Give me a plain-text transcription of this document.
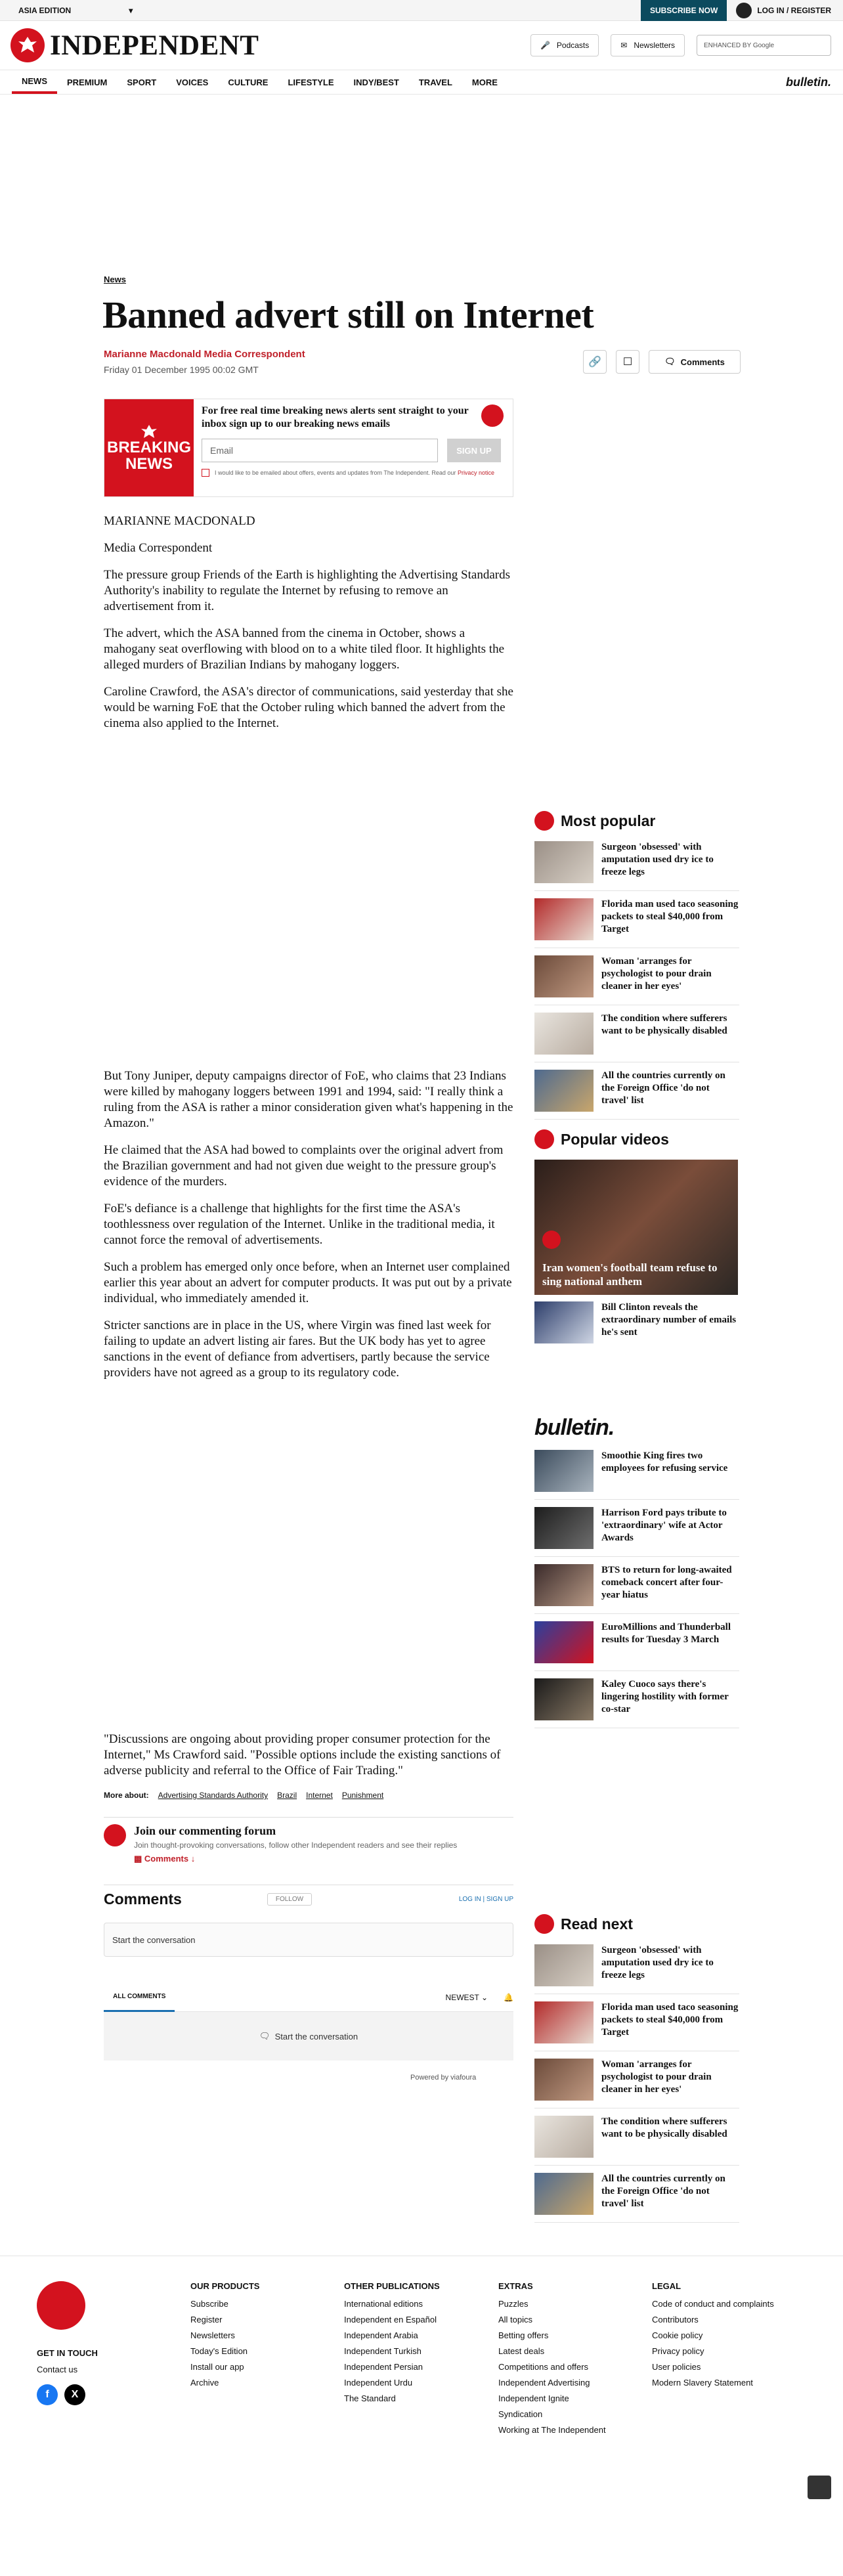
ASIA EDITION	▾	SUBSCRIBE NOW	LOG IN / REGISTER
INDEPENDENT	🎤 Podcasts	✉ Newsletters	ENHANCED BY Google
NEWS	PREMIUM	SPORT	VOICES	CULTURE	LIFESTYLE	INDY/BEST	TRAVEL	MORE	bulletin.
News
Banned advert still on Internet
Marianne Macdonald Media Correspondent
Friday 01 December 1995 00:02 GMT
🔗 ☐	🗨 Comments
BREAKING
NEWS
For free real time breaking news alerts sent straight to your inbox sign up to our breaking news emails
Email	SIGN UP
I would like to be emailed about offers, events and updates from The Independent. Read our Privacy notice

MARIANNE MACDONALD

Media Correspondent

The pressure group Friends of the Earth is highlighting the Advertising Standards Authority's inability to regulate the Internet by refusing to remove an advertisement from it.

The advert, which the ASA banned from the cinema in October, shows a mahogany seat overflowing with blood on to a white tiled floor. It highlights the alleged murders of Brazilian Indians by mahogany loggers.

Caroline Crawford, the ASA's director of communications, said yesterday that she would be warning FoE that the October ruling which banned the advert from the cinema also applied to the Internet.

But Tony Juniper, deputy campaigns director of FoE, who claims that 23 Indians were killed by mahogany loggers between 1991 and 1994, said: "I really think a ruling from the ASA is rather a minor consideration given what's happening in the Amazon."

He claimed that the ASA had bowed to complaints over the original advert from the Brazilian government and had not given due weight to the pressure group's evidence of the murders.

FoE's defiance is a challenge that highlights for the first time the ASA's toothlessness over regulation of the Internet. Unlike in the traditional media, it cannot force the removal of advertisements.

Such a problem has emerged only once before, when an Internet user complained earlier this year about an advert for computer products. It was put out by a private individual, who immediately amended it.

Stricter sanctions are in place in the US, where Virgin was fined last week for failing to update an advert listing air fares. But the UK body has yet to agree sanctions in the event of defiance from advertisers, partly because the service providers have not agreed as a group to its regulatory code.

"Discussions are ongoing about providing proper consumer protection for the Internet," Ms Crawford said. "Possible options include the existing sanctions of adverse publicity and referral to the Office of Fair Trading."

More about: Advertising Standards Authority Brazil Internet Punishment
Join our commenting forum
Join thought-provoking conversations, follow other Independent readers and see their replies
▩ Comments ↓
Comments	FOLLOW	LOG IN | SIGN UP
Start the conversation
ALL COMMENTS	NEWEST ⌄ 🔔
🗨 Start the conversation
Powered by viafoura
Most popular
Surgeon 'obsessed' with amputation used dry ice to freeze legs
Florida man used taco seasoning packets to steal $40,000 from Target
Woman 'arranges for psychologist to pour drain cleaner in her eyes'
The condition where sufferers want to be physically disabled
All the countries currently on the Foreign Office 'do not travel' list
Popular videos
Iran women's football team refuse to sing national anthem
Bill Clinton reveals the extraordinary number of emails he's sent
bulletin.
Smoothie King fires two employees for refusing service
Harrison Ford pays tribute to 'extraordinary' wife at Actor Awards
BTS to return for long-awaited comeback concert after four-year hiatus
EuroMillions and Thunderball results for Tuesday 3 March
Kaley Cuoco says there's lingering hostility with former co-star
Read next
Surgeon 'obsessed' with amputation used dry ice to freeze legs
Florida man used taco seasoning packets to steal $40,000 from Target
Woman 'arranges for psychologist to pour drain cleaner in her eyes'
The condition where sufferers want to be physically disabled
All the countries currently on the Foreign Office 'do not travel' list
GET IN TOUCH
Contact us
f	X
OUR PRODUCTS
Subscribe
Register
Newsletters
Today's Edition
Install our app
Archive
OTHER PUBLICATIONS
International editions
Independent en Español
Independent Arabia
Independent Turkish
Independent Persian
Independent Urdu
The Standard
EXTRAS
Puzzles
All topics
Betting offers
Latest deals
Competitions and offers
Independent Advertising
Independent Ignite
Syndication
Working at The Independent
LEGAL
Code of conduct and complaints
Contributors
Cookie policy
Privacy policy
User policies
Modern Slavery Statement
